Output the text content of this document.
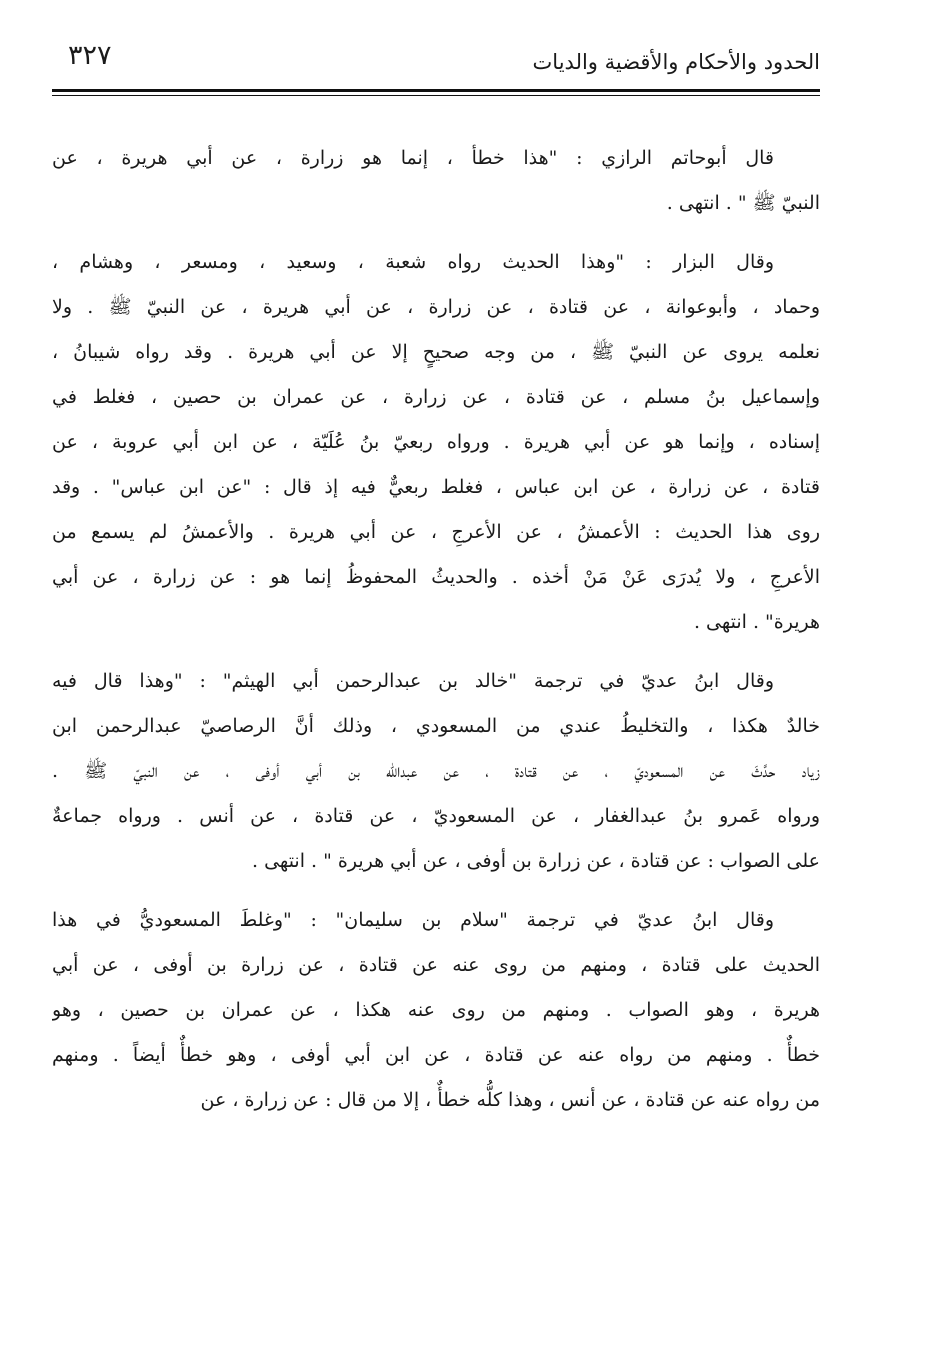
٣٢٧	الحدود والأحكام والأقضية والديات
قال أبوحاتم الرازي : "هذا خطأ ، إنما هو زرارة ، عن أبي هريرة ، عن
النبيّ ﷺ " . انتهى .
وقال البزار : "وهذا الحديث رواه شعبة ، وسعيد ، ومسعر ، وهشام ،
وحماد ، وأبوعوانة ، عن قتادة ، عن زرارة ، عن أبي هريرة ، عن النبيّ ﷺ . ولا
نعلمه يروى عن النبيّ ﷺ ، من وجه صحيحٍ إلا عن أبي هريرة . وقد رواه شيبانُ ،
وإسماعيل بنُ مسلم ، عن قتادة ، عن زرارة ، عن عمران بن حصين ، فغلط في
إسناده ، وإنما هو عن أبي هريرة . ورواه ربعيّ بنُ عُلَيّة ، عن ابن أبي عروبة ، عن
قتادة ، عن زرارة ، عن ابن عباس ، فغلط ربعيٌّ فيه إذ قال : "عن ابن عباس" . وقد
روى هذا الحديث : الأعمشُ ، عن الأعرجِ ، عن أبي هريرة . والأعمشُ لم يسمع من
الأعرجِ ، ولا يُدرَى عَنْ مَنْ أخذه . والحديثُ المحفوظُ إنما هو : عن زرارة ، عن أبي
هريرة" . انتهى .
وقال ابنُ عديّ في ترجمة "خالد بن عبدالرحمن أبي الهيثم" : "وهذا قال فيه
خالدٌ هكذا ، والتخليطُ عندي من المسعودي ، وذلك أنَّ الرصاصيّ عبدالرحمن ابن
زياد حدَّثَ عن المسعوديّ ، عن قتادة ، عن عبدالله بن أبي أوفى ، عن النبيّ ﷺ .
ورواه عَمرو بنُ عبدالغفار ، عن المسعوديّ ، عن قتادة ، عن أنس . ورواه جماعةٌ
على الصواب : عن قتادة ، عن زرارة بن أوفى ، عن أبي هريرة " . انتهى .
وقال ابنُ عديّ في ترجمة "سلام بن سليمان" : "وغلطَ المسعوديُّ في هذا
الحديث على قتادة ، ومنهم من روى عنه عن قتادة ، عن زرارة بن أوفى ، عن أبي
هريرة ، وهو الصواب . ومنهم من روى عنه هكذا ، عن عمران بن حصين ، وهو
خطأٌ . ومنهم من رواه عنه عن قتادة ، عن ابن أبي أوفى ، وهو خطأٌ أيضاً . ومنهم
من رواه عنه عن قتادة ، عن أنس ، وهذا كلُّه خطأٌ ، إلا من قال : عن زرارة ، عن
